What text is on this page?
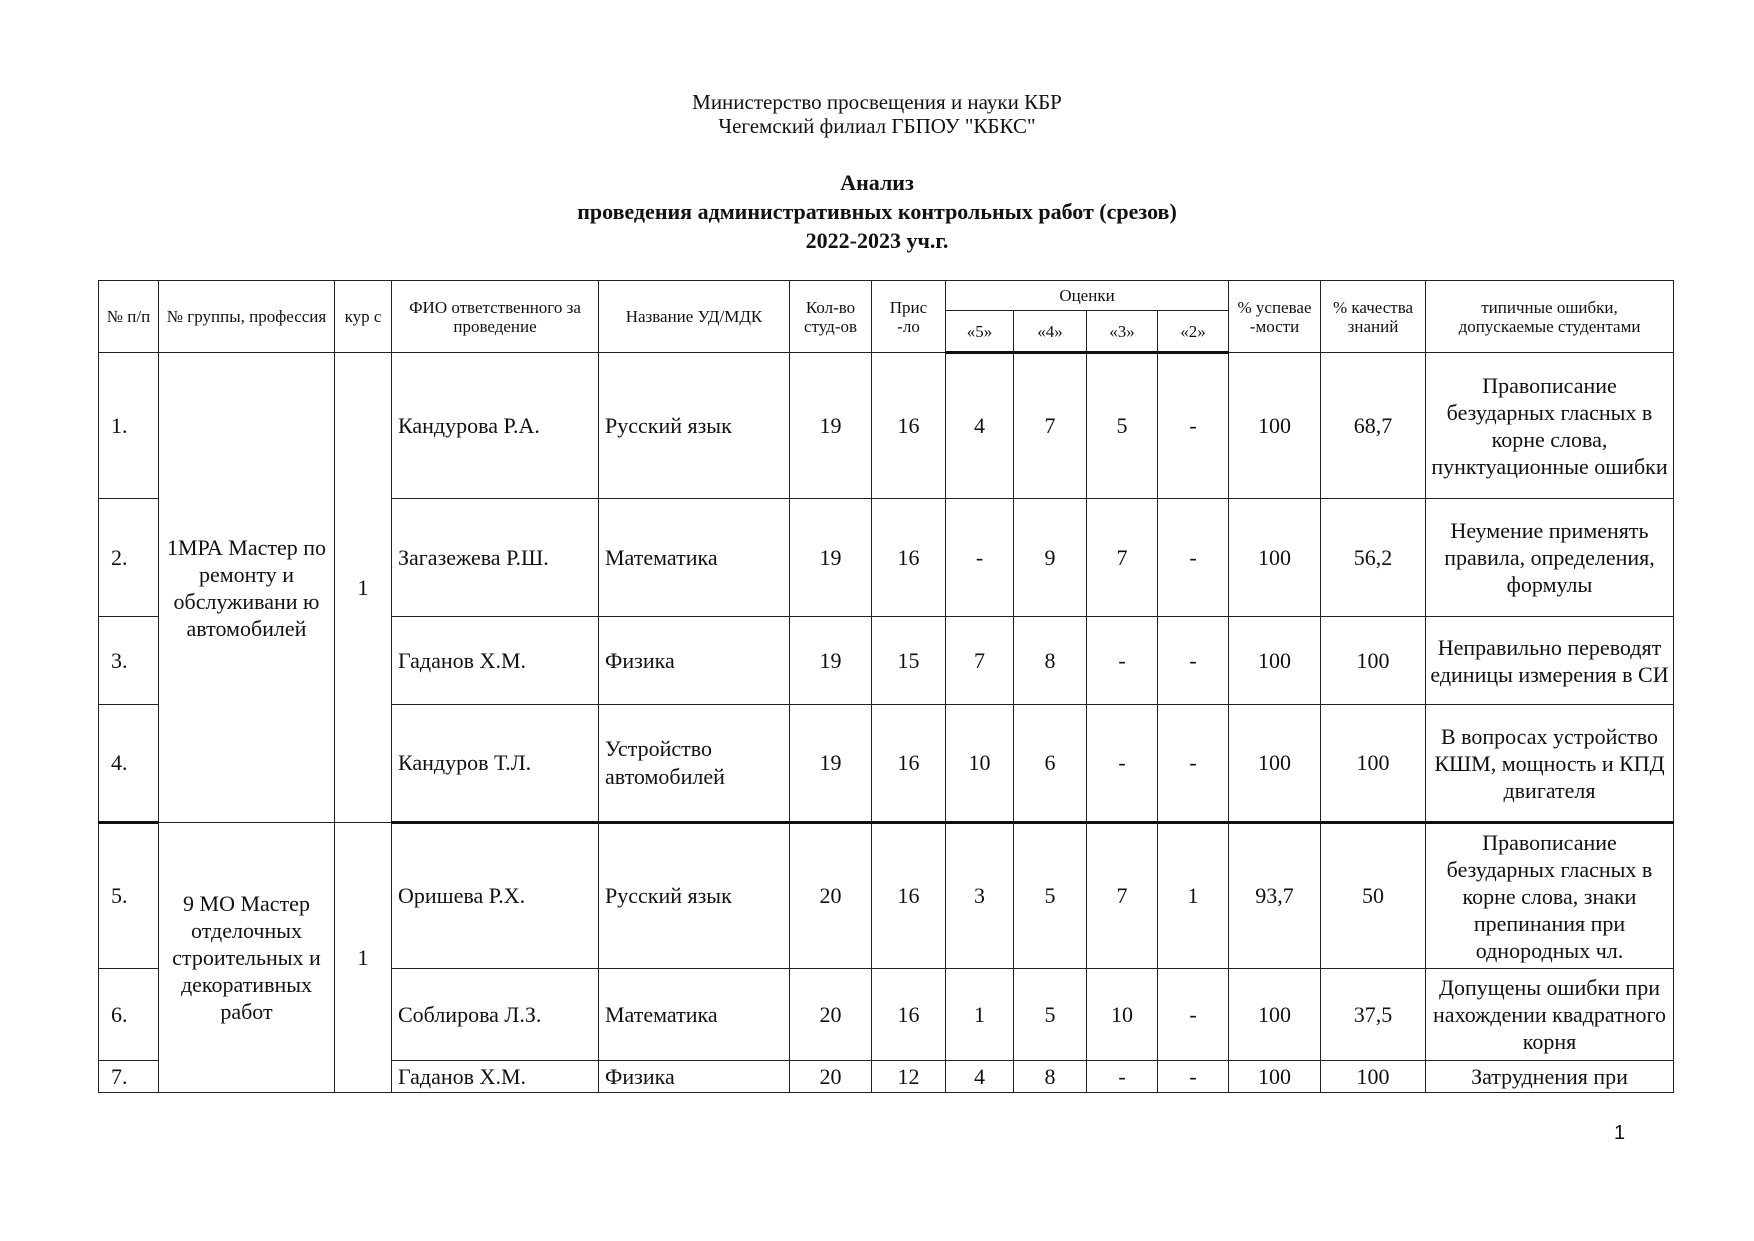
Министерство просвещения и науки КБР
Чегемский филиал ГБПОУ "КБКС"
Анализ
проведения административных контрольных работ (срезов)
2022-2023 уч.г.
№ п/п	№ группы, профессия	кур с	ФИО ответственного за проведение	Название УД/МДК	Кол-во студ-ов	Прис -ло	Оценки				% успевае -мости	% качества знаний	типичные ошибки, допускаемые студентами
							«5»	«4»	«3»	«2»			
1.	1МРА Мастер по ремонту и обслуживани ю автомобилей	1	Кандурова Р.А.	Русский язык	19	16	4	7	5	-	100	68,7	Правописание безударных гласных в корне слова, пунктуационные ошибки
2.			Загазежева Р.Ш.	Математика	19	16	-	9	7	-	100	56,2	Неумение применять правила, определения, формулы
3.			Гаданов Х.М.	Физика	19	15	7	8	-	-	100	100	Неправильно переводят единицы измерения в СИ
4.			Кандуров Т.Л.	Устройство автомобилей	19	16	10	6	-	-	100	100	В вопросах устройство КШМ, мощность и КПД двигателя
5.	9 МО Мастер отделочных строительных и декоративных работ	1	Оришева Р.Х.	Русский язык	20	16	3	5	7	1	93,7	50	Правописание безударных гласных в корне слова, знаки препинания при однородных чл.
6.			Соблирова Л.З.	Математика	20	16	1	5	10	-	100	37,5	Допущены ошибки при нахождении квадратного корня
7.			Гаданов Х.М.	Физика	20	12	4	8	-	-	100	100	Затруднения при
1
